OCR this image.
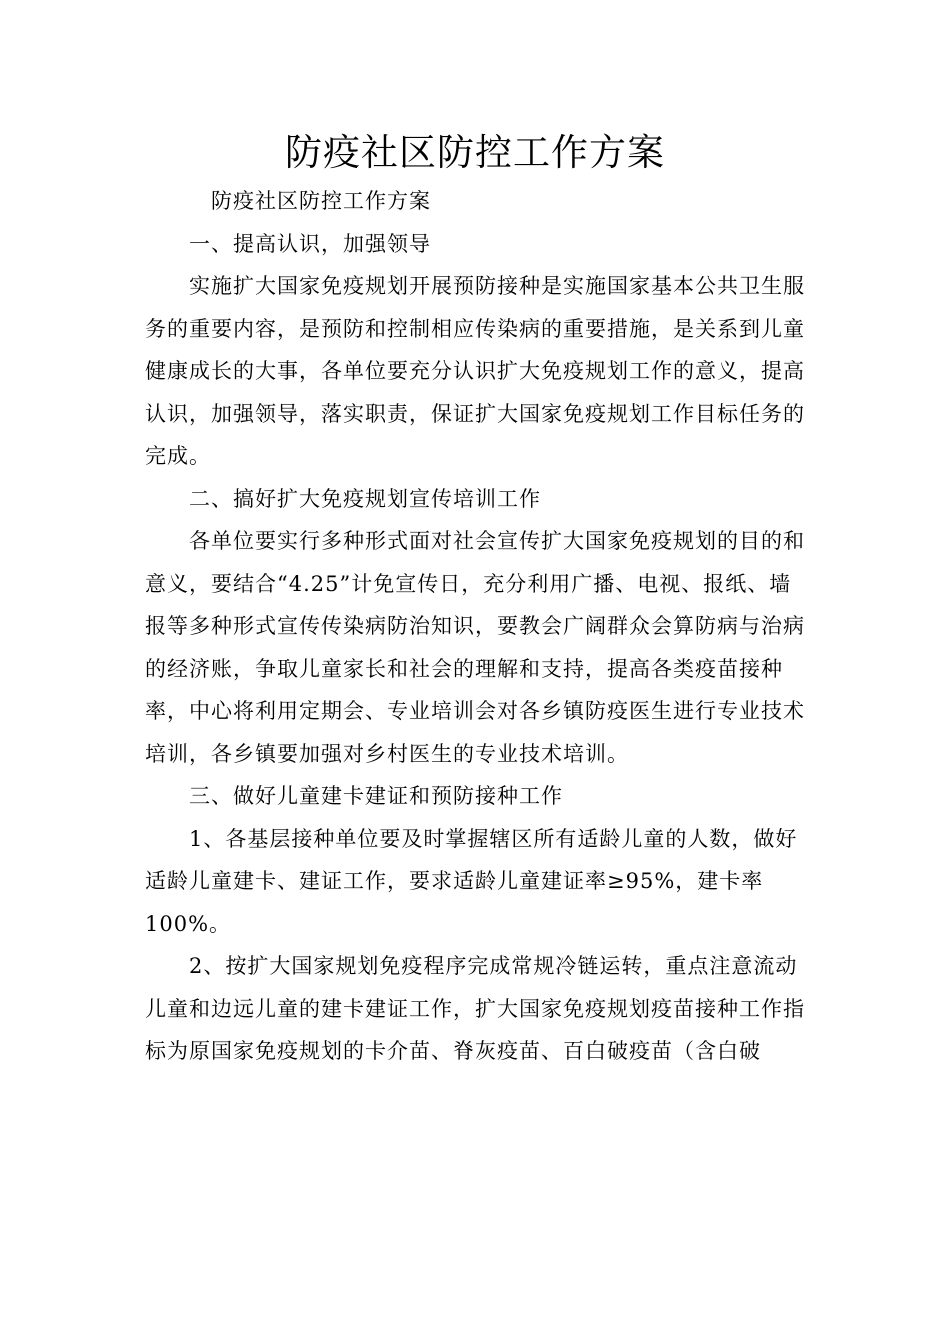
防疫社区防控工作方案

防疫社区防控工作方案

一、提高认识，加强领导

实施扩大国家免疫规划开展预防接种是实施国家基本公共卫生服务的重要内容，是预防和控制相应传染病的重要措施，是关系到儿童健康成长的大事，各单位要充分认识扩大免疫规划工作的意义，提高认识，加强领导，落实职责，保证扩大国家免疫规划工作目标任务的完成。

二、搞好扩大免疫规划宣传培训工作

各单位要实行多种形式面对社会宣传扩大国家免疫规划的目的和意义，要结合“4.25”计免宣传日，充分利用广播、电视、报纸、墙报等多种形式宣传传染病防治知识，要教会广阔群众会算防病与治病的经济账，争取儿童家长和社会的理解和支持，提高各类疫苗接种率，中心将利用定期会、专业培训会对各乡镇防疫医生进行专业技术培训，各乡镇要加强对乡村医生的专业技术培训。

三、做好儿童建卡建证和预防接种工作

1、各基层接种单位要及时掌握辖区所有适龄儿童的人数，做好适龄儿童建卡、建证工作，要求适龄儿童建证率≥95%，建卡率100%。

2、按扩大国家规划免疫程序完成常规冷链运转，重点注意流动儿童和边远儿童的建卡建证工作，扩大国家免疫规划疫苗接种工作指标为原国家免疫规划的卡介苗、脊灰疫苗、百白破疫苗（含白破
